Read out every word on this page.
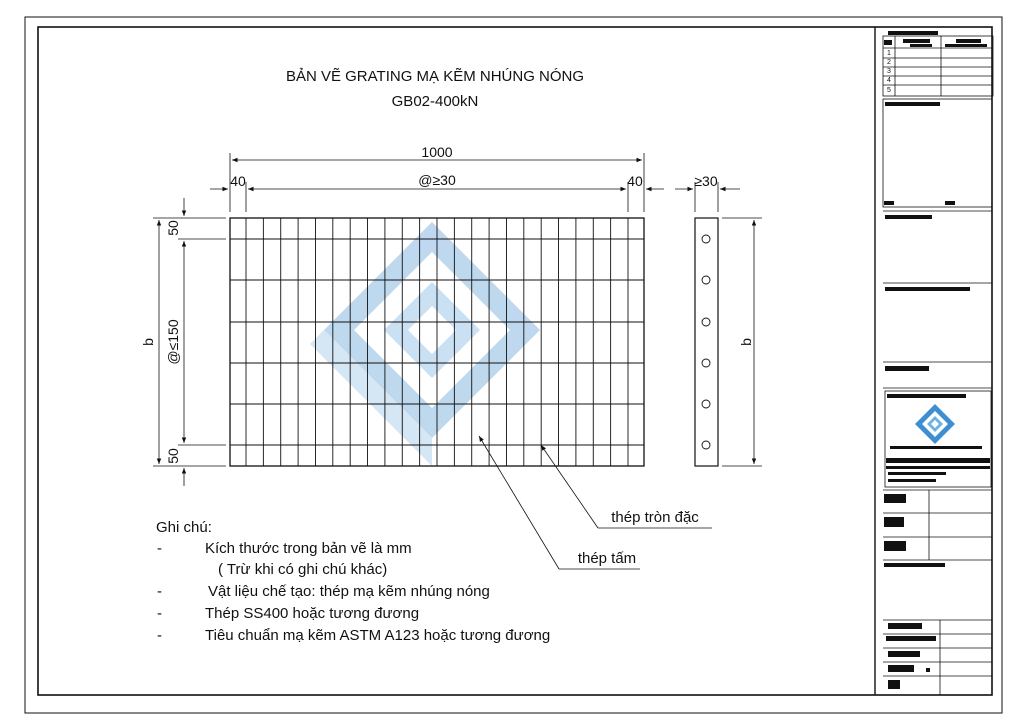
BẢN VẼ GRATING MẠ KẼM NHÚNG NÓNG
GB02-400kN
1000
40	@≥30	40
b
50
@≤150
50
≥30
b
thép tròn đặc
thép tấm
Ghi chú:
-	Kích thước trong bản vẽ là mm
( Trừ khi có ghi chú khác)
-	Vật liệu chế tạo: thép mạ kẽm nhúng nóng
-	Thép SS400 hoặc tương đương
-	Tiêu chuẩn mạ kẽm ASTM A123 hoặc tương đương
1
2
3
4
5
